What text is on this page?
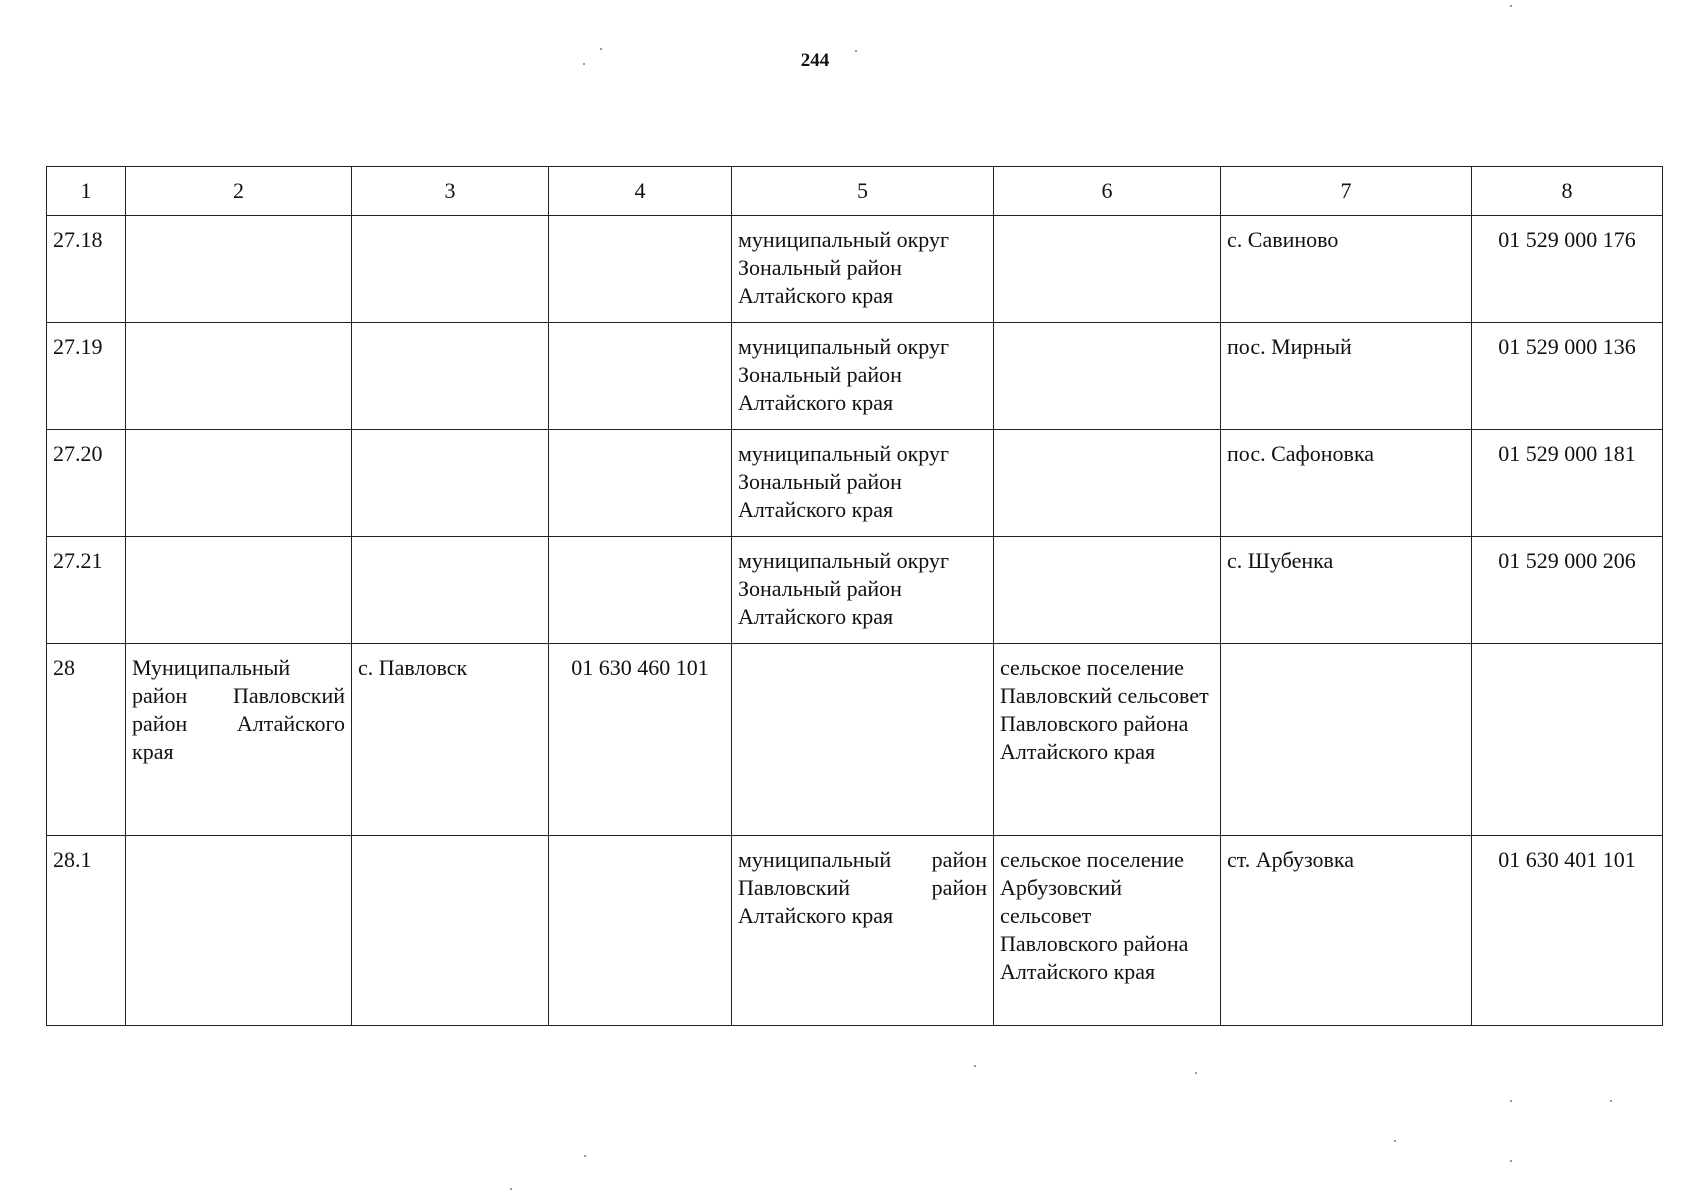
244
1	2	3	4	5	6	7	8
27.18				муниципальный округ Зональный район Алтайского края		с. Савиново	01 529 000 176
27.19				муниципальный округ Зональный район Алтайского края		пос. Мирный	01 529 000 136
27.20				муниципальный округ Зональный район Алтайского края		пос. Сафоновка	01 529 000 181
27.21				муниципальный округ Зональный район Алтайского края		с. Шубенка	01 529 000 206
28	Муниципальный район Павловский район Алтайского края	с. Павловск	01 630 460 101		сельское поселение Павловский сельсовет Павловского района Алтайского края		
28.1				муниципальный район Павловский район Алтайского края	сельское поселение Арбузовский сельсовет Павловского района Алтайского края	ст. Арбузовка	01 630 401 101
